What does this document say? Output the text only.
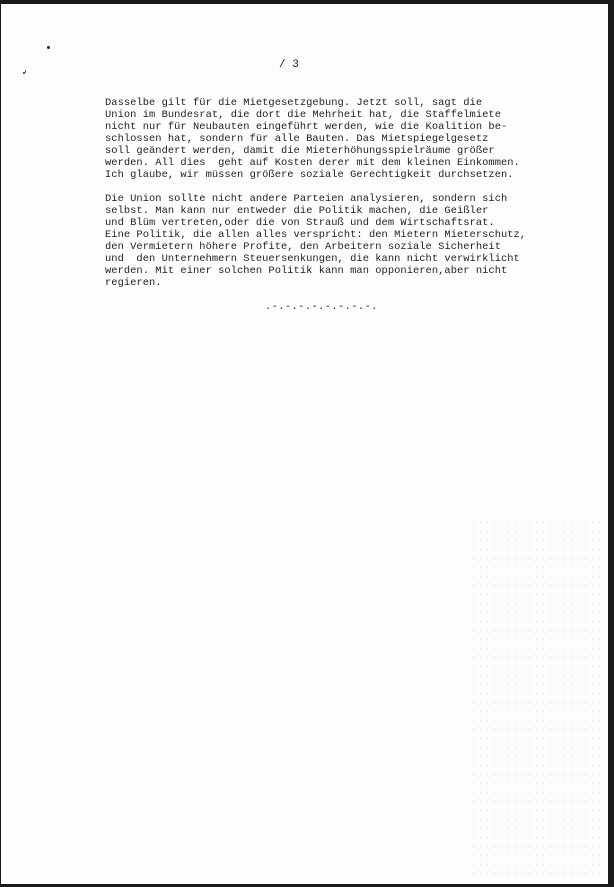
/ 3

Dasselbe gilt für die Mietgesetzgebung. Jetzt soll, sagt die
Union im Bundesrat, die dort die Mehrheit hat, die Staffelmiete
nicht nur für Neubauten eingeführt werden, wie die Koalition be-
schlossen hat, sondern für alle Bauten. Das Mietspiegelgesetz
soll geändert werden, damit die Mieterhöhungsspielräume größer
werden. All dies  geht auf Kosten derer mit dem kleinen Einkommen.
Ich glaube, wir müssen größere soziale Gerechtigkeit durchsetzen.

Die Union sollte nicht andere Parteien analysieren, sondern sich
selbst. Man kann nur entweder die Politik machen, die Geißler
und Blüm vertreten,oder die von Strauß und dem Wirtschaftsrat.
Eine Politik, die allen alles verspricht: den Mietern Mieterschutz,
den Vermietern höhere Profite, den Arbeitern soziale Sicherheit
und  den Unternehmern Steuersenkungen, die kann nicht verwirklicht
werden. Mit einer solchen Politik kann man opponieren,aber nicht
regieren.

.-.-.-.-.-.-.-.-.
